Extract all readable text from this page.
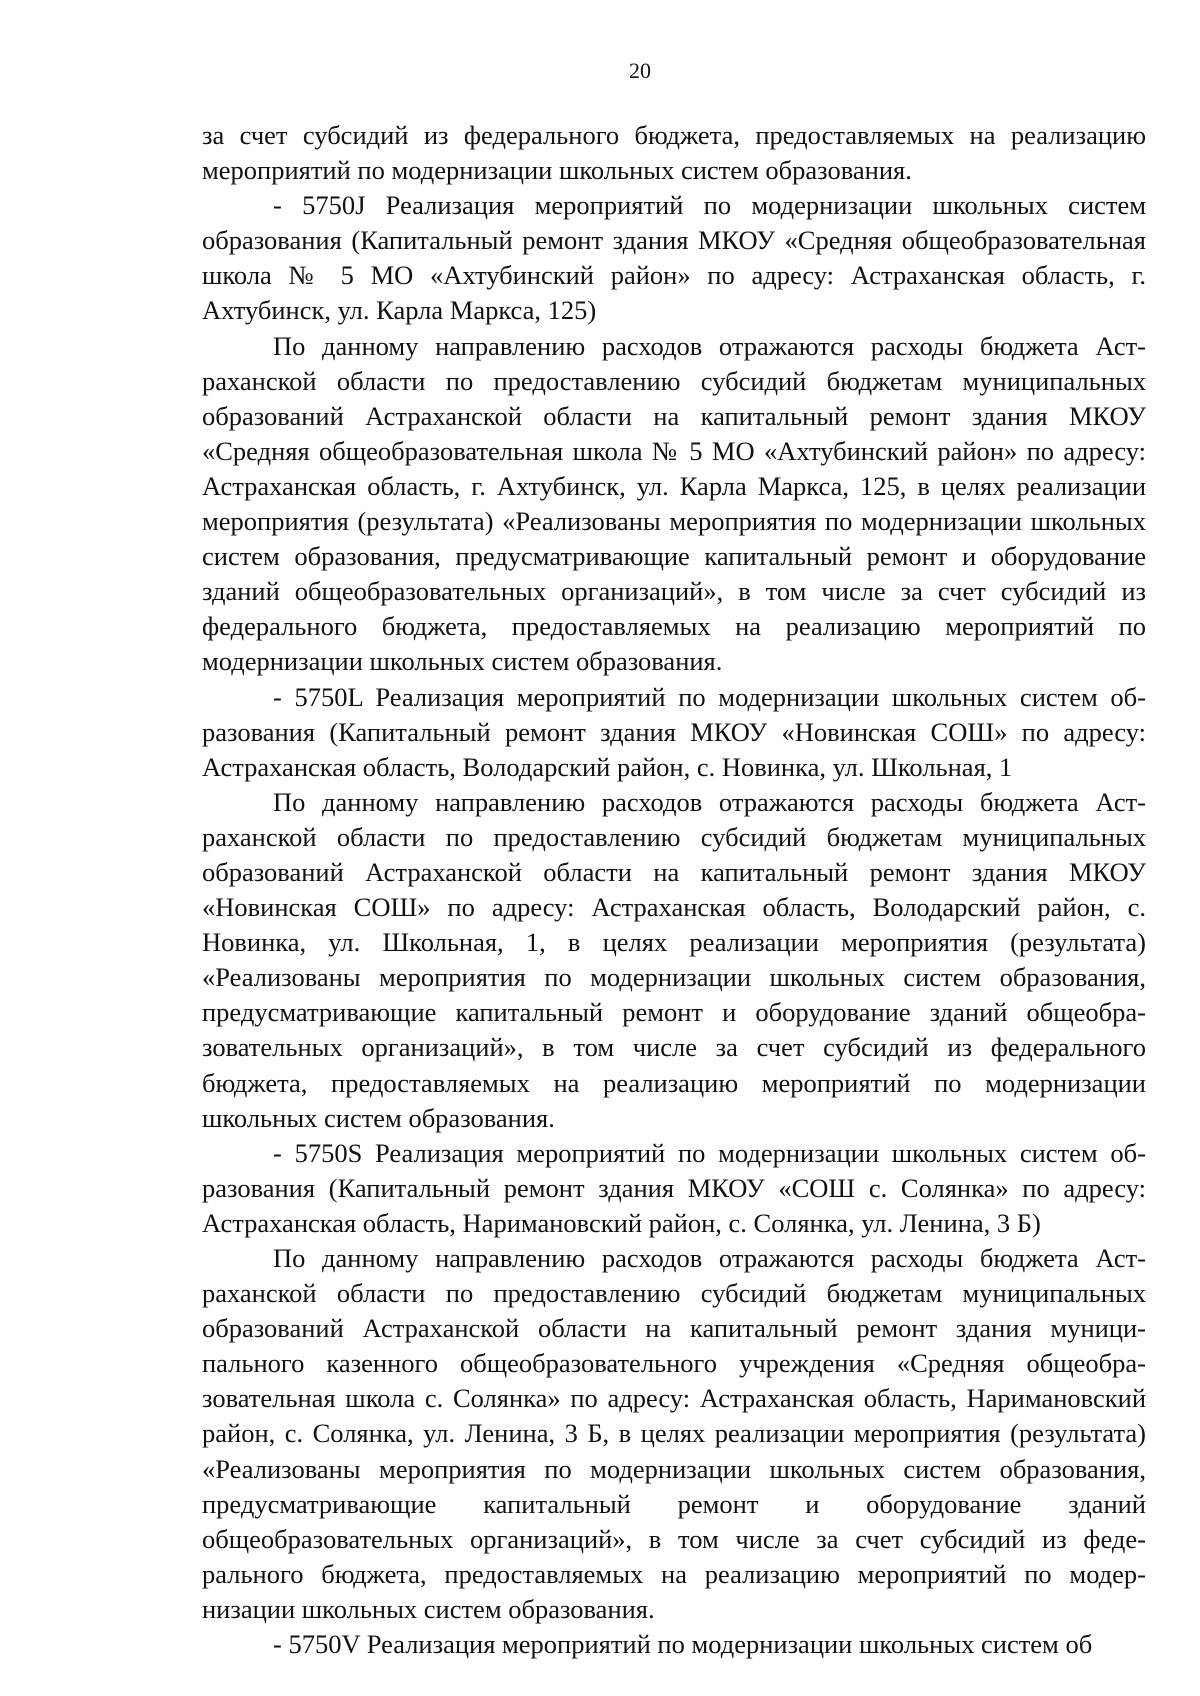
20

за счет субсидий из федерального бюджета, предоставляемых на реализацию мероприятий по модернизации школьных систем образования.

- 5750J Реализация мероприятий по модернизации школьных систем образования (Капитальный ремонт здания МКОУ «Средняя общеобразовательная школа № 5 МО «Ахтубинский район» по адресу: Астраханская область, г. Ахтубинск, ул. Карла Маркса, 125)

По данному направлению расходов отражаются расходы бюджета Астраханской области по предоставлению субсидий бюджетам муниципальных образований Астраханской области на капитальный ремонт здания МКОУ «Средняя общеобразовательная школа № 5 МО «Ахтубинский район» по адресу: Астраханская область, г. Ахтубинск, ул. Карла Маркса, 125, в целях реализации мероприятия (результата) «Реализованы мероприятия по модернизации школьных систем образования, предусматривающие капитальный ремонт и оборудование зданий общеобразовательных организаций», в том числе за счет субсидий из федерального бюджета, предоставляемых на реализацию мероприятий по модернизации школьных систем образования.

- 5750L Реализация мероприятий по модернизации школьных систем образования (Капитальный ремонт здания МКОУ «Новинская СОШ» по адресу: Астраханская область, Володарский район, с. Новинка, ул. Школьная, 1

По данному направлению расходов отражаются расходы бюджета Астраханской области по предоставлению субсидий бюджетам муниципальных образований Астраханской области на капитальный ремонт здания МКОУ «Новинская СОШ» по адресу: Астраханская область, Володарский район, с. Новинка, ул. Школьная, 1, в целях реализации мероприятия (результата) «Реализованы мероприятия по модернизации школьных систем образования, предусматривающие капитальный ремонт и оборудование зданий общеобразовательных организаций», в том числе за счет субсидий из федерального бюджета, предоставляемых на реализацию мероприятий по модернизации школьных систем образования.

- 5750S Реализация мероприятий по модернизации школьных систем образования (Капитальный ремонт здания МКОУ «СОШ с. Солянка» по адресу: Астраханская область, Наримановский район, с. Солянка, ул. Ленина, 3 Б)

По данному направлению расходов отражаются расходы бюджета Астраханской области по предоставлению субсидий бюджетам муниципальных образований Астраханской области на капитальный ремонт здания муниципального казенного общеобразовательного учреждения «Средняя общеобразовательная школа с. Солянка» по адресу: Астраханская область, Наримановский район, с. Солянка, ул. Ленина, 3 Б, в целях реализации мероприятия (результата) «Реализованы мероприятия по модернизации школьных систем образования, предусматривающие капитальный ремонт и оборудование зданий общеобразовательных организаций», в том числе за счет субсидий из федерального бюджета, предоставляемых на реализацию мероприятий по модернизации школьных систем образования.

- 5750V Реализация мероприятий по модернизации школьных систем об
